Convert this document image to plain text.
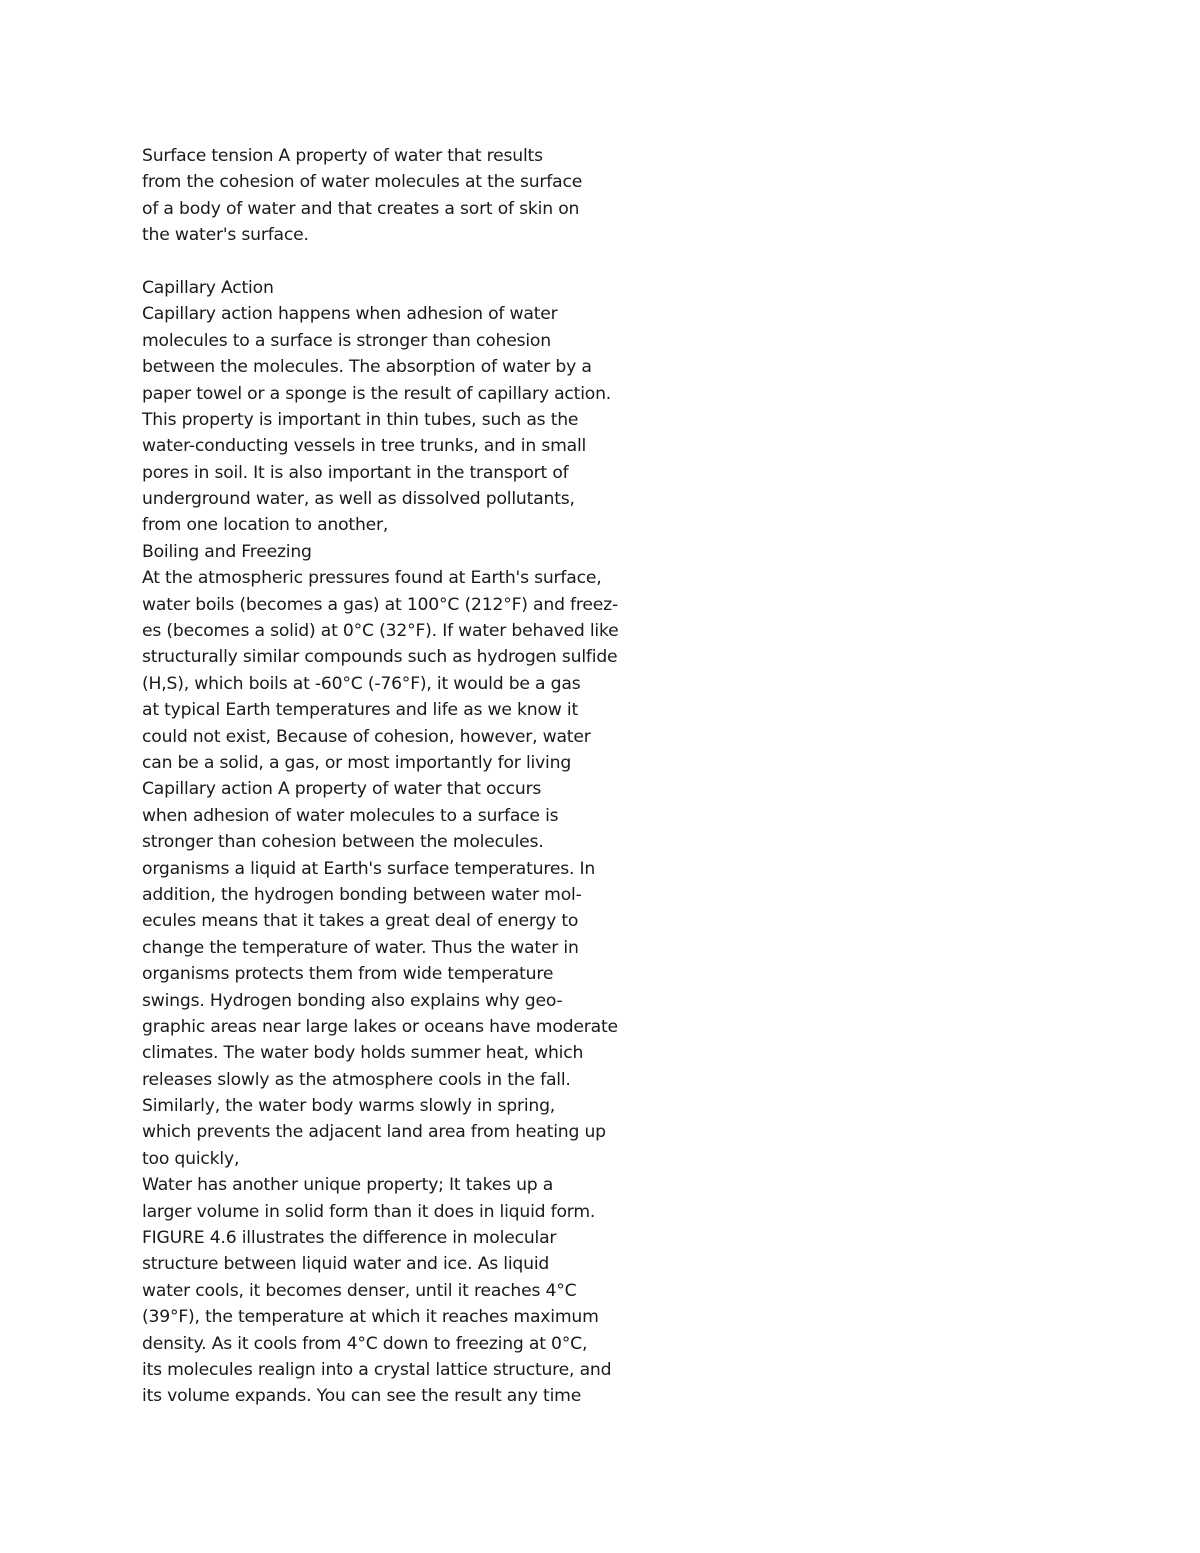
Surface tension A property of water that results
from the cohesion of water molecules at the surface
of a body of water and that creates a sort of skin on
the water's surface.
Capillary Action
Capillary action happens when adhesion of water
molecules to a surface is stronger than cohesion
between the molecules. The absorption of water by a
paper towel or a sponge is the result of capillary action.
This property is important in thin tubes, such as the
water-conducting vessels in tree trunks, and in small
pores in soil. It is also important in the transport of
underground water, as well as dissolved pollutants,
from one location to another,
Boiling and Freezing
At the atmospheric pressures found at Earth's surface,
water boils (becomes a gas) at 100°C (212°F) and freez-
es (becomes a solid) at 0°C (32°F). If water behaved like
structurally similar compounds such as hydrogen sulfide
(H,S), which boils at -60°C (-76°F), it would be a gas
at typical Earth temperatures and life as we know it
could not exist, Because of cohesion, however, water
can be a solid, a gas, or most importantly for living
Capillary action A property of water that occurs
when adhesion of water molecules to a surface is
stronger than cohesion between the molecules.
organisms a liquid at Earth's surface temperatures. In
addition, the hydrogen bonding between water mol-
ecules means that it takes a great deal of energy to
change the temperature of water. Thus the water in
organisms protects them from wide temperature
swings. Hydrogen bonding also explains why geo-
graphic areas near large lakes or oceans have moderate
climates. The water body holds summer heat, which
releases slowly as the atmosphere cools in the fall.
Similarly, the water body warms slowly in spring,
which prevents the adjacent land area from heating up
too quickly,
Water has another unique property; It takes up a
larger volume in solid form than it does in liquid form.
FIGURE 4.6 illustrates the difference in molecular
structure between liquid water and ice. As liquid
water cools, it becomes denser, until it reaches 4°C
(39°F), the temperature at which it reaches maximum
density. As it cools from 4°C down to freezing at 0°C,
its molecules realign into a crystal lattice structure, and
its volume expands. You can see the result any time
